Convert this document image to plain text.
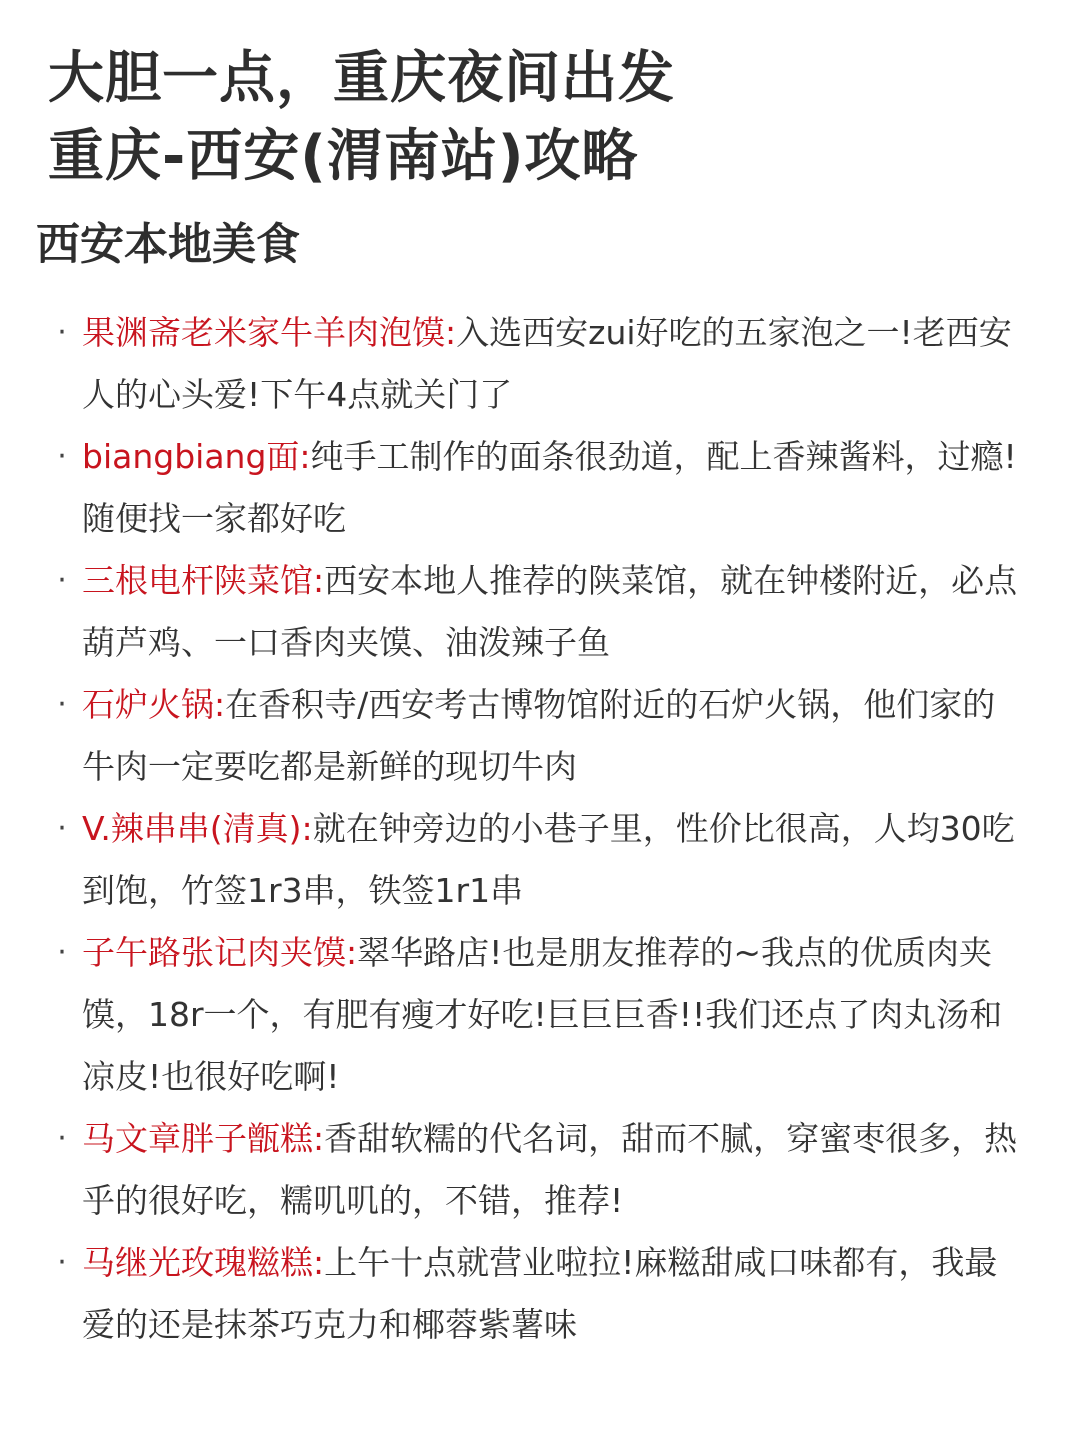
大胆一点，重庆夜间出发
重庆-西安(渭南站)攻略
西安本地美食
· 果渊斋老米家牛羊肉泡馍:入选西安zui好吃的五家泡之一!老西安人的心头爱!下午4点就关门了
· biangbiang面:纯手工制作的面条很劲道，配上香辣酱料，过瘾!随便找一家都好吃
· 三根电杆陕菜馆:西安本地人推荐的陕菜馆，就在钟楼附近，必点葫芦鸡、一口香肉夹馍、油泼辣子鱼
· 石炉火锅:在香积寺/西安考古博物馆附近的石炉火锅，他们家的牛肉一定要吃都是新鲜的现切牛肉
· V.辣串串(清真):就在钟旁边的小巷子里，性价比很高，人均30吃到饱，竹签1r3串，铁签1r1串
· 子午路张记肉夹馍:翠华路店!也是朋友推荐的~我点的优质肉夹馍，18r一个，有肥有瘦才好吃!巨巨巨香!!我们还点了肉丸汤和凉皮!也很好吃啊!
· 马文章胖子甑糕:香甜软糯的代名词，甜而不腻，穿蜜枣很多，热乎的很好吃，糯叽叽的，不错，推荐!
· 马继光玫瑰糍糕:上午十点就营业啦拉!麻糍甜咸口味都有，我最爱的还是抹茶巧克力和椰蓉紫薯味
